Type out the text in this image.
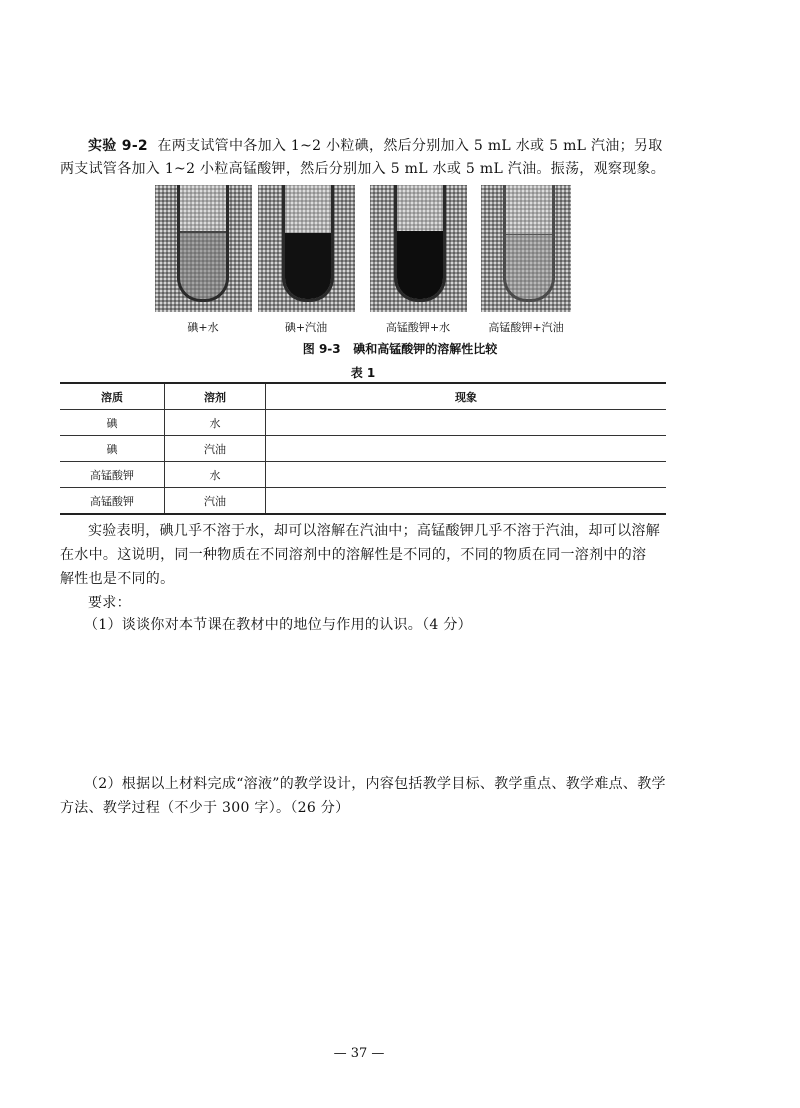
实验 9-2 在两支试管中各加入 1~2 小粒碘，然后分别加入 5 mL 水或 5 mL 汽油；另取
两支试管各加入 1~2 小粒高锰酸钾，然后分别加入 5 mL 水或 5 mL 汽油。振荡，观察现象。
碘+水	碘+汽油	高锰酸钾+水	高锰酸钾+汽油
图 9-3 碘和高锰酸钾的溶解性比较
表 1
溶质	溶剂	现象
碘	水	
碘	汽油	
高锰酸钾	水	
高锰酸钾	汽油	
实验表明，碘几乎不溶于水，却可以溶解在汽油中；高锰酸钾几乎不溶于汽油，却可以溶解
在水中。这说明，同一种物质在不同溶剂中的溶解性是不同的，不同的物质在同一溶剂中的溶
解性也是不同的。
要求：
（1）谈谈你对本节课在教材中的地位与作用的认识。（4 分）
（2）根据以上材料完成“溶液”的教学设计，内容包括教学目标、教学重点、教学难点、教学
方法、教学过程（不少于 300 字）。（26 分）
— 37 —
